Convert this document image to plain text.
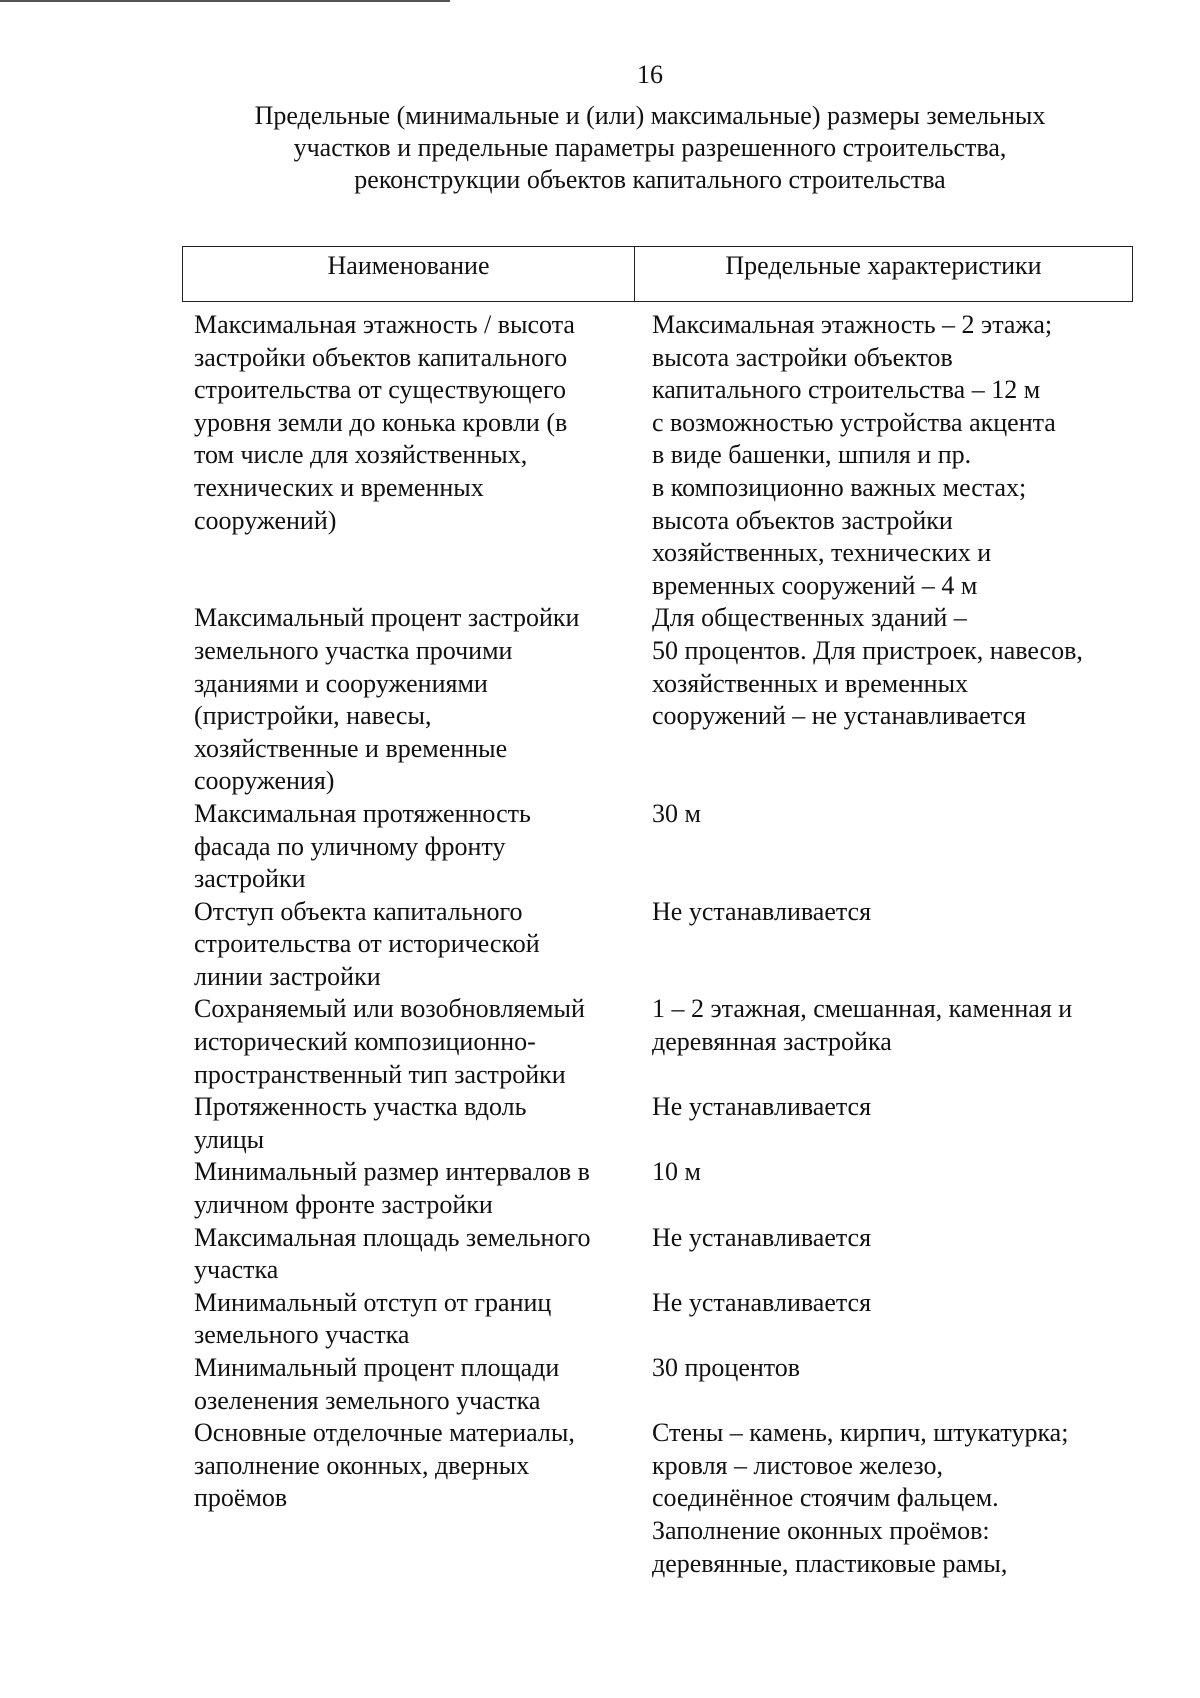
16
Предельные (минимальные и (или) максимальные) размеры земельных
участков и предельные параметры разрешенного строительства,
реконструкции объектов капитального строительства
Наименование	Предельные характеристики
Максимальная этажность / высота
застройки объектов капитального
строительства от существующего
уровня земли до конька кровли (в
том числе для хозяйственных,
технических и временных
сооружений)
Максимальная этажность – 2 этажа;
высота застройки объектов
капитального строительства – 12 м
с возможностью устройства акцента
в виде башенки, шпиля и пр.
в композиционно важных местах;
высота объектов застройки
хозяйственных, технических и
временных сооружений – 4 м
Максимальный процент застройки
земельного участка прочими
зданиями и сооружениями
(пристройки, навесы,
хозяйственные и временные
сооружения)
Для общественных зданий –
50 процентов. Для пристроек, навесов,
хозяйственных и временных
сооружений – не устанавливается
Максимальная протяженность
фасада по уличному фронту
застройки
30 м
Отступ объекта капитального
строительства от исторической
линии застройки
Не устанавливается
Сохраняемый или возобновляемый
исторический композиционно-
пространственный тип застройки
1 – 2 этажная, смешанная, каменная и
деревянная застройка
Протяженность участка вдоль
улицы
Не устанавливается
Минимальный размер интервалов в
уличном фронте застройки
10 м
Максимальная площадь земельного
участка
Не устанавливается
Минимальный отступ от границ
земельного участка
Не устанавливается
Минимальный процент площади
озеленения земельного участка
30 процентов
Основные отделочные материалы,
заполнение оконных, дверных
проёмов
Стены – камень, кирпич, штукатурка;
кровля – листовое железо,
соединённое стоячим фальцем.
Заполнение оконных проёмов:
деревянные, пластиковые рамы,
